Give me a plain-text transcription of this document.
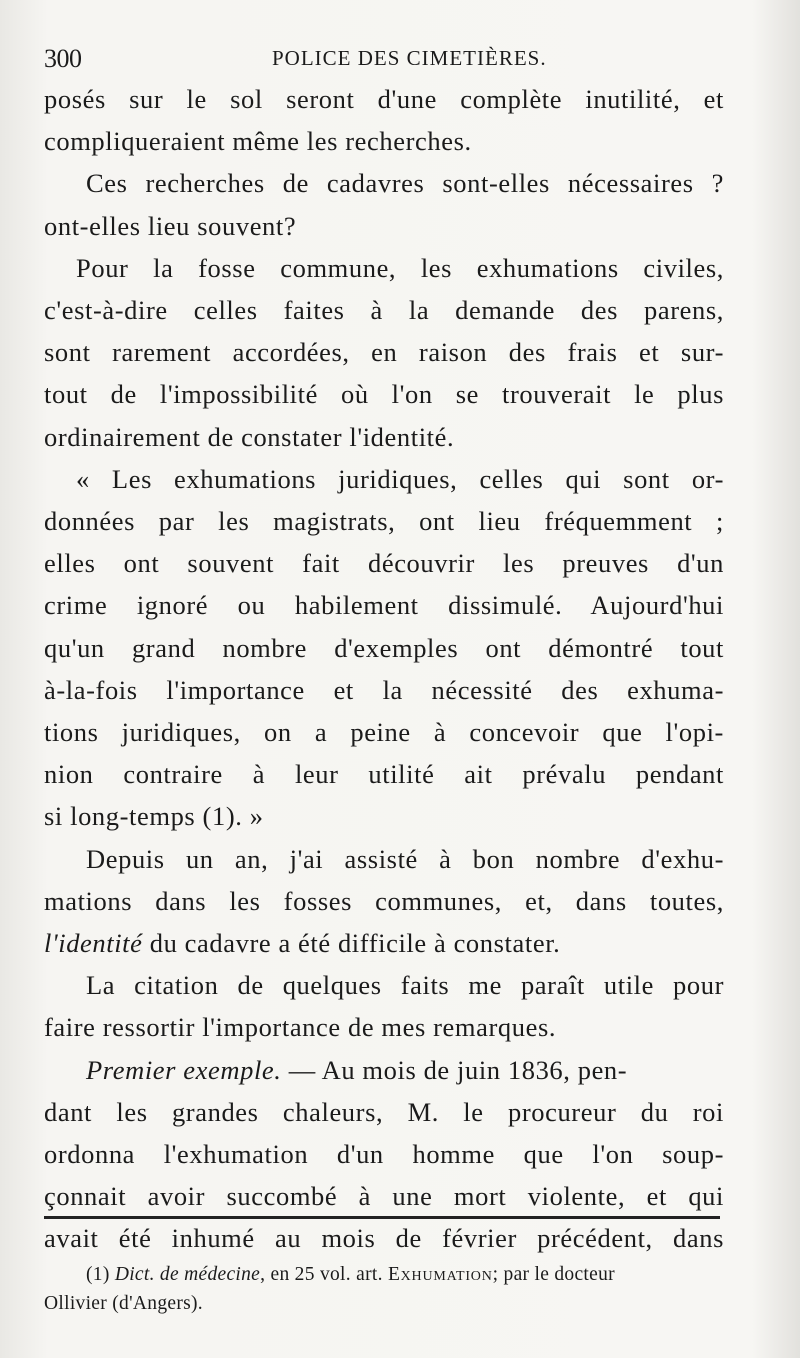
300	POLICE DES CIMETIÈRES.
posés sur le sol seront d'une complète inutilité, et
compliqueraient même les recherches.
Ces recherches de cadavres sont-elles nécessaires ?
ont-elles lieu souvent?
Pour la fosse commune, les exhumations civiles,
c'est-à-dire celles faites à la demande des parens,
sont rarement accordées, en raison des frais et sur-
tout de l'impossibilité où l'on se trouverait le plus
ordinairement de constater l'identité.
« Les exhumations juridiques, celles qui sont or-
données par les magistrats, ont lieu fréquemment ;
elles ont souvent fait découvrir les preuves d'un
crime ignoré ou habilement dissimulé. Aujourd'hui
qu'un grand nombre d'exemples ont démontré tout
à-la-fois l'importance et la nécessité des exhuma-
tions juridiques, on a peine à concevoir que l'opi-
nion contraire à leur utilité ait prévalu pendant
si long-temps (1). »
Depuis un an, j'ai assisté à bon nombre d'exhu-
mations dans les fosses communes, et, dans toutes,
l'identité du cadavre a été difficile à constater.
La citation de quelques faits me paraît utile pour
faire ressortir l'importance de mes remarques.
Premier exemple. — Au mois de juin 1836, pen-
dant les grandes chaleurs, M. le procureur du roi
ordonna l'exhumation d'un homme que l'on soup-
çonnait avoir succombé à une mort violente, et qui
avait été inhumé au mois de février précédent, dans
(1) Dict. de médecine, en 25 vol. art. Exhumation; par le docteur
Ollivier (d'Angers).
